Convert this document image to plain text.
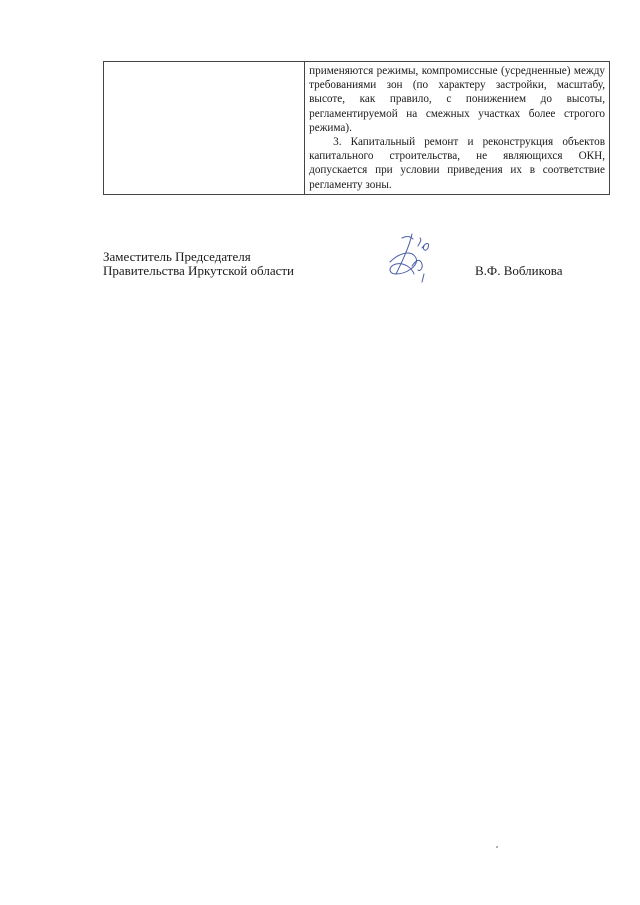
применяются режимы, компромиссные (усредненные) между требованиями зон (по характеру застройки, масштабу, высоте, как правило, с понижением до высоты, регламентируемой на смежных участках более строгого режима).

3. Капитальный ремонт и реконструкция объектов капитального строительства, не являющихся ОКН, допускается при условии приведения их в соответствие регламенту зоны.

Заместитель Председателя
Правительства Иркутской области	В.Ф. Вобликова
